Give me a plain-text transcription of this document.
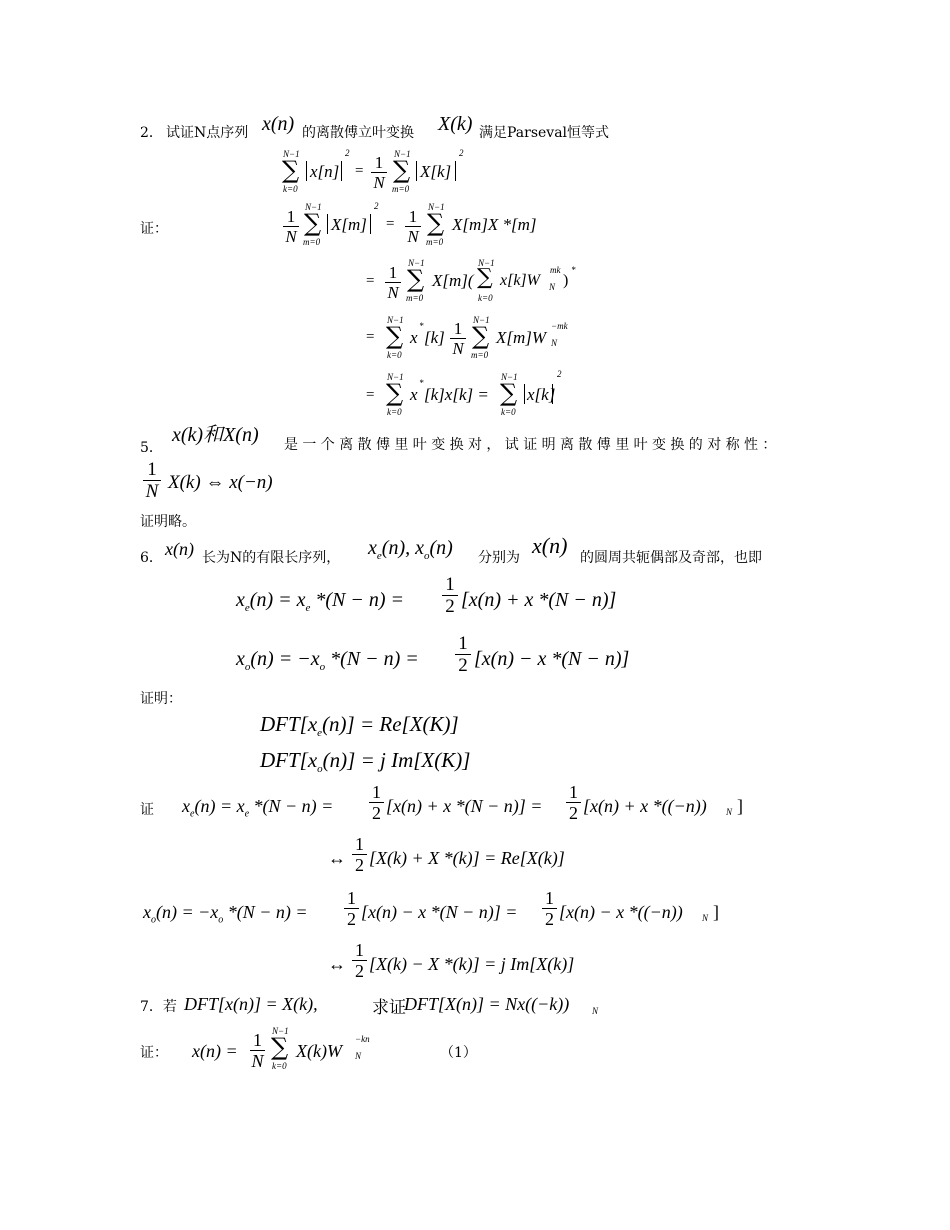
2． 试证N点序列 x(n) 的离散傅立叶变换 X(k) 满足Parseval恒等式
N−1
∑
k=0
x[n]
2
= 1
N
N−1
∑
m=0
X[k]
2
证：
1
N
N−1
∑
m=0
X[m]
2
= 1
N
N−1
∑
m=0
X[m]X *[m]
= 1
N
N−1
∑
m=0
X[m](
N−1
∑
k=0
x[k]W
mk
N )
*
=
N−1
∑
k=0
x
*
[k] 1
N
N−1
∑
m=0
X[m]W
−mk
N
=
N−1
∑
k=0
x
*
[k]x[k] =
N−1
∑
k=0
x[k]
2
5．
x(k)和X(n) 是一个离散傅里叶变换对，试证明离散傅里叶变换的对称性：
1
N X(k) ⇔ x(−n)
证明略。
6． x(n) 长为N的有限长序列， $x_e(n)$, $x_o(n)$ 分别为 x(n) 的圆周共轭偶部及奇部，也即
$x_e(n) = x_e$ *(N − n) =
1
2 [x(n) + x *(N − n)]
$x_o(n) = -x_o$ *(N − n) =
1
2 [x(n) − x *(N − n)]
证明：
$DFT[x_e(n)] = Re[X(K)]$
$DFT[x_o(n)] = j$ Im[X(K)]
证 $x_e(n) = x_e$ *(N − n) =
1
2 [x(n) + x *(N − n)] =
1
2 [x(n) + x *((−n)) N ]
↔
1
2 [X(k) + X *(k)] = Re[X(k)]
$x_o(n) = -x_o$ *(N − n) =
1
2 [x(n) − x *(N − n)] =
1
2 [x(n) − x *((−n)) N ]
↔
1
2 [X(k) − X *(k)] = j Im[X(k)]
7．若 DFT[x(n)] = X(k),	求证
DFT[X(n)] = Nx((−k))	N
证： x(n) =
1
N
N−1
∑
k=0
X(k)W
−kn
N	（1）
